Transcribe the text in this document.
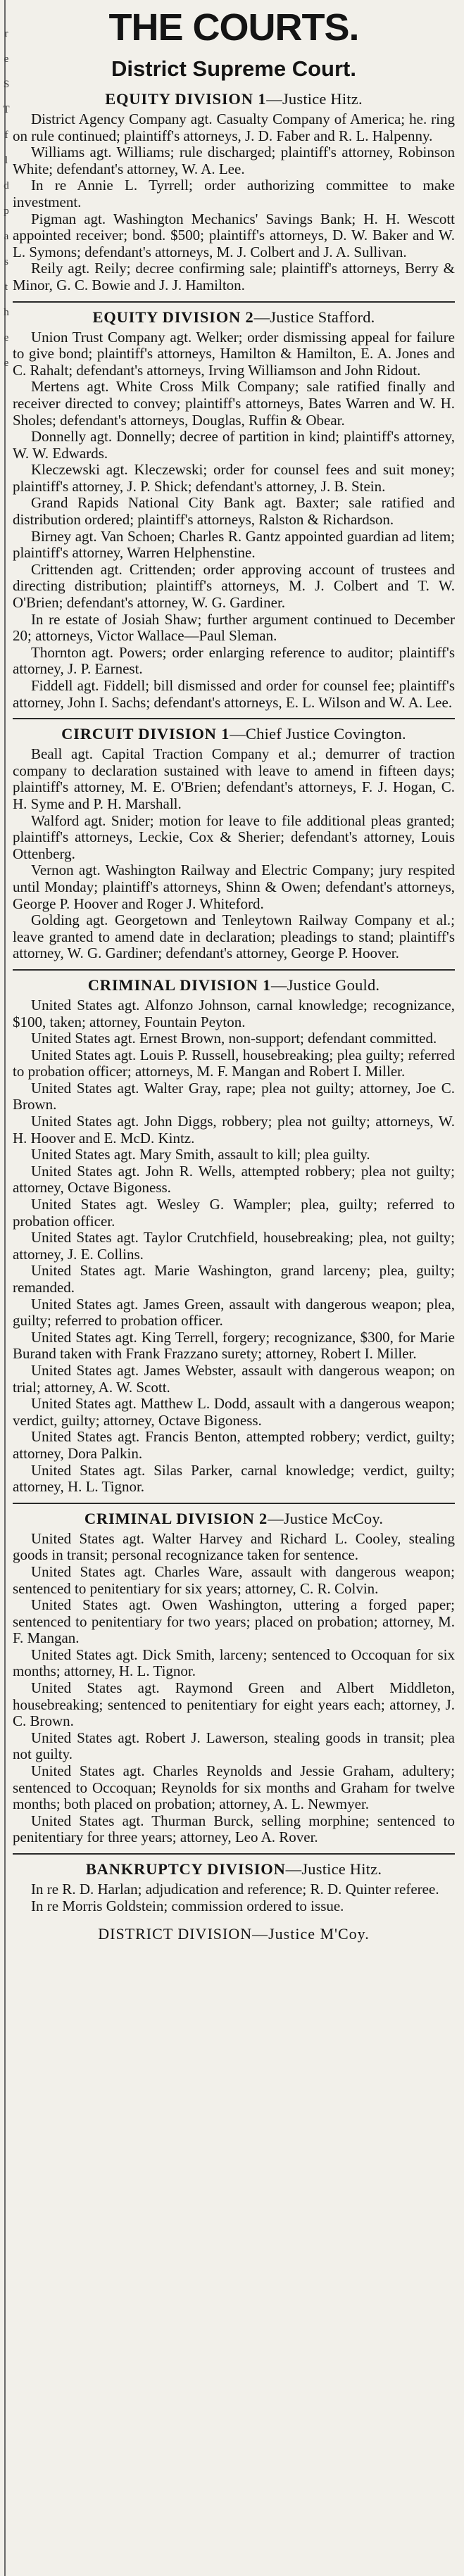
r
e
S
T
f
l
d
p
a
s
t
h
e
e
THE COURTS.
District Supreme Court.
EQUITY DIVISION 1—Justice Hitz.

District Agency Company agt. Casualty Company of America; he. ring on rule continued; plaintiff's attorneys, J. D. Faber and R. L. Halpenny.

Williams agt. Williams; rule discharged; plaintiff's attorney, Robinson White; defendant's attorney, W. A. Lee.

In re Annie L. Tyrrell; order authorizing committee to make investment.

Pigman agt. Washington Mechanics' Savings Bank; H. H. Wescott appointed receiver; bond. $500; plaintiff's attorneys, D. W. Baker and W. L. Symons; defendant's attorneys, M. J. Colbert and J. A. Sullivan.

Reily agt. Reily; decree confirming sale; plaintiff's attorneys, Berry & Minor, G. C. Bowie and J. J. Hamilton.

EQUITY DIVISION 2—Justice Stafford.

Union Trust Company agt. Welker; order dismissing appeal for failure to give bond; plaintiff's attorneys, Hamilton & Hamilton, E. A. Jones and C. Rahalt; defendant's attorneys, Irving Williamson and John Ridout.

Mertens agt. White Cross Milk Company; sale ratified finally and receiver directed to convey; plaintiff's attorneys, Bates Warren and W. H. Sholes; defendant's attorneys, Douglas, Ruffin & Obear.

Donnelly agt. Donnelly; decree of partition in kind; plaintiff's attorney, W. W. Edwards.

Kleczewski agt. Kleczewski; order for counsel fees and suit money; plaintiff's attorney, J. P. Shick; defendant's attorney, J. B. Stein.

Grand Rapids National City Bank agt. Baxter; sale ratified and distribution ordered; plaintiff's attorneys, Ralston & Richardson.

Birney agt. Van Schoen; Charles R. Gantz appointed guardian ad litem; plaintiff's attorney, Warren Helphenstine.

Crittenden agt. Crittenden; order approving account of trustees and directing distribution; plaintiff's attorneys, M. J. Colbert and T. W. O'Brien; defendant's attorney, W. G. Gardiner.

In re estate of Josiah Shaw; further argument continued to December 20; attorneys, Victor Wallace—Paul Sleman.

Thornton agt. Powers; order enlarging reference to auditor; plaintiff's attorney, J. P. Earnest.

Fiddell agt. Fiddell; bill dismissed and order for counsel fee; plaintiff's attorney, John I. Sachs; defendant's attorneys, E. L. Wilson and W. A. Lee.

CIRCUIT DIVISION 1—Chief Justice Covington.

Beall agt. Capital Traction Company et al.; demurrer of traction company to declaration sustained with leave to amend in fifteen days; plaintiff's attorney, M. E. O'Brien; defendant's attorneys, F. J. Hogan, C. H. Syme and P. H. Marshall.

Walford agt. Snider; motion for leave to file additional pleas granted; plaintiff's attorneys, Leckie, Cox & Sherier; defendant's attorney, Louis Ottenberg.

Vernon agt. Washington Railway and Electric Company; jury respited until Monday; plaintiff's attorneys, Shinn & Owen; defendant's attorneys, George P. Hoover and Roger J. Whiteford.

Golding agt. Georgetown and Tenleytown Railway Company et al.; leave granted to amend date in declaration; pleadings to stand; plaintiff's attorney, W. G. Gardiner; defendant's attorney, George P. Hoover.

CRIMINAL DIVISION 1—Justice Gould.

United States agt. Alfonzo Johnson, carnal knowledge; recognizance, $100, taken; attorney, Fountain Peyton.

United States agt. Ernest Brown, non-support; defendant committed.

United States agt. Louis P. Russell, housebreaking; plea guilty; referred to probation officer; attorneys, M. F. Mangan and Robert I. Miller.

United States agt. Walter Gray, rape; plea not guilty; attorney, Joe C. Brown.

United States agt. John Diggs, robbery; plea not guilty; attorneys, W. H. Hoover and E. McD. Kintz.

United States agt. Mary Smith, assault to kill; plea guilty.

United States agt. John R. Wells, attempted robbery; plea not guilty; attorney, Octave Bigoness.

United States agt. Wesley G. Wampler; plea, guilty; referred to probation officer.

United States agt. Taylor Crutchfield, housebreaking; plea, not guilty; attorney, J. E. Collins.

United States agt. Marie Washington, grand larceny; plea, guilty; remanded.

United States agt. James Green, assault with dangerous weapon; plea, guilty; referred to probation officer.

United States agt. King Terrell, forgery; recognizance, $300, for Marie Burand taken with Frank Frazzano surety; attorney, Robert I. Miller.

United States agt. James Webster, assault with dangerous weapon; on trial; attorney, A. W. Scott.

United States agt. Matthew L. Dodd, assault with a dangerous weapon; verdict, guilty; attorney, Octave Bigoness.

United States agt. Francis Benton, attempted robbery; verdict, guilty; attorney, Dora Palkin.

United States agt. Silas Parker, carnal knowledge; verdict, guilty; attorney, H. L. Tignor.

CRIMINAL DIVISION 2—Justice McCoy.

United States agt. Walter Harvey and Richard L. Cooley, stealing goods in transit; personal recognizance taken for sentence.

United States agt. Charles Ware, assault with dangerous weapon; sentenced to penitentiary for six years; attorney, C. R. Colvin.

United States agt. Owen Washington, uttering a forged paper; sentenced to penitentiary for two years; placed on probation; attorney, M. F. Mangan.

United States agt. Dick Smith, larceny; sentenced to Occoquan for six months; attorney, H. L. Tignor.

United States agt. Raymond Green and Albert Middleton, housebreaking; sentenced to penitentiary for eight years each; attorney, J. C. Brown.

United States agt. Robert J. Lawerson, stealing goods in transit; plea not guilty.

United States agt. Charles Reynolds and Jessie Graham, adultery; sentenced to Occoquan; Reynolds for six months and Graham for twelve months; both placed on probation; attorney, A. L. Newmyer.

United States agt. Thurman Burck, selling morphine; sentenced to penitentiary for three years; attorney, Leo A. Rover.

BANKRUPTCY DIVISION—Justice Hitz.

In re R. D. Harlan; adjudication and reference; R. D. Quinter referee.

In re Morris Goldstein; commission ordered to issue.

DISTRICT DIVISION—Justice M'Coy.
